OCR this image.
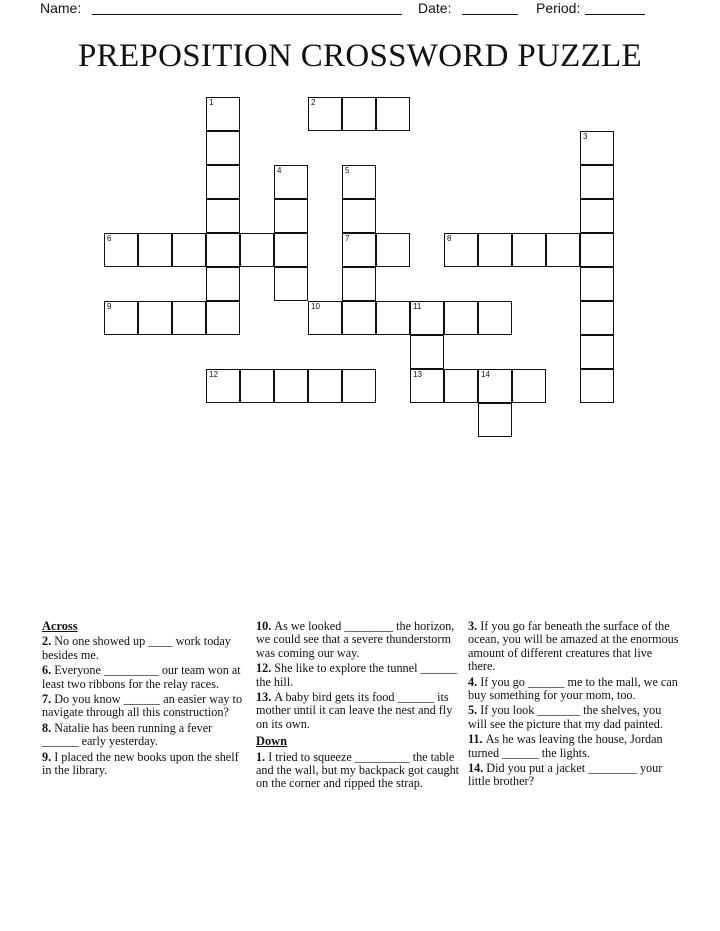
Name:	Date:	Period:
PREPOSITION CROSSWORD PUZZLE
1	2
3
4	5
7
6	8
9	10	11
13
12	14
Across
2. No one showed up ____ work today besides me.
6. Everyone _________ our team won at least two ribbons for the relay races.
7. Do you know ______ an easier way to navigate through all this construction?
8. Natalie has been running a fever ______ early yesterday.
9. I placed the new books upon the shelf in the library.
10. As we looked ________ the horizon, we could see that a severe thunderstorm was coming our way.
12. She like to explore the tunnel ______ the hill.
13. A baby bird gets its food ______ its mother until it can leave the nest and fly on its own.
Down
1. I tried to squeeze _________ the table and the wall, but my backpack got caught on the corner and ripped the strap.
3. If you go far beneath the surface of the ocean, you will be amazed at the enormous amount of different creatures that live there.
4. If you go ______ me to the mall, we can buy something for your mom, too.
5. If you look _______ the shelves, you will see the picture that my dad painted.
11. As he was leaving the house, Jordan turned ______ the lights.
14. Did you put a jacket ________ your little brother?
